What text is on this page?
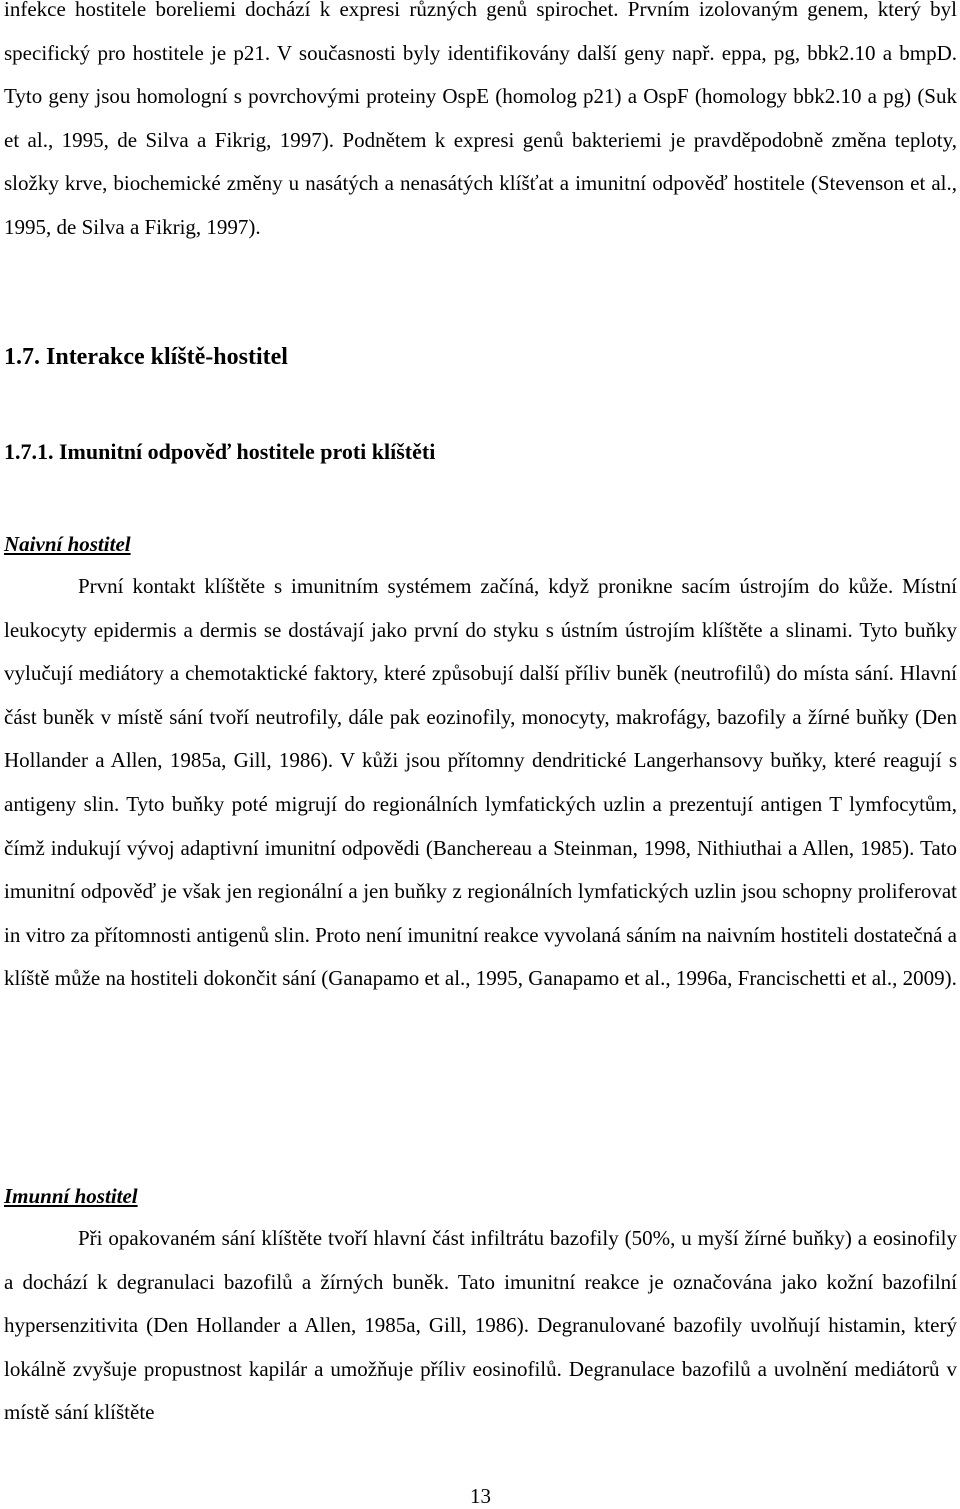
infekce hostitele boreliemi dochází k expresi různých genů spirochet. Prvním izolovaným genem, který byl specifický pro hostitele je p21. V současnosti byly identifikovány další geny např. eppa, pg, bbk2.10 a bmpD. Tyto geny jsou homologní s povrchovými proteiny OspE (homolog p21) a OspF (homology bbk2.10 a pg) (Suk et al., 1995, de Silva a Fikrig, 1997). Podnětem k expresi genů bakteriemi je pravděpodobně změna teploty, složky krve, biochemické změny u nasátých a nenasátých klíšťat a imunitní odpověď hostitele (Stevenson et al., 1995, de Silva a Fikrig, 1997).

1.7. Interakce klíště-hostitel
1.7.1. Imunitní odpověď hostitele proti klíštěti
Naivní hostitel

První kontakt klíštěte s imunitním systémem začíná, když pronikne sacím ústrojím do kůže. Místní leukocyty epidermis a dermis se dostávají jako první do styku s ústním ústrojím klíštěte a slinami. Tyto buňky vylučují mediátory a chemotaktické faktory, které způsobují další příliv buněk (neutrofilů) do místa sání. Hlavní část buněk v místě sání tvoří neutrofily, dále pak eozinofily, monocyty, makrofágy, bazofily a žírné buňky (Den Hollander a Allen, 1985a, Gill, 1986). V kůži jsou přítomny dendritické Langerhansovy buňky, které reagují s antigeny slin. Tyto buňky poté migrují do regionálních lymfatických uzlin a prezentují antigen T lymfocytům, čímž indukují vývoj adaptivní imunitní odpovědi (Banchereau a Steinman, 1998, Nithiuthai a Allen, 1985). Tato imunitní odpověď je však jen regionální a jen buňky z regionálních lymfatických uzlin jsou schopny proliferovat in vitro za přítomnosti antigenů slin. Proto není imunitní reakce vyvolaná sáním na naivním hostiteli dostatečná a klíště může na hostiteli dokončit sání (Ganapamo et al., 1995, Ganapamo et al., 1996a, Francischetti et al., 2009).

Imunní hostitel

Při opakovaném sání klíštěte tvoří hlavní část infiltrátu bazofily (50%, u myší žírné buňky) a eosinofily a dochází k degranulaci bazofilů a žírných buněk. Tato imunitní reakce je označována jako kožní bazofilní hypersenzitivita (Den Hollander a Allen, 1985a, Gill, 1986). Degranulované bazofily uvolňují histamin, který lokálně zvyšuje propustnost kapilár a umožňuje příliv eosinofilů. Degranulace bazofilů a uvolnění mediátorů v místě sání klíštěte

13
